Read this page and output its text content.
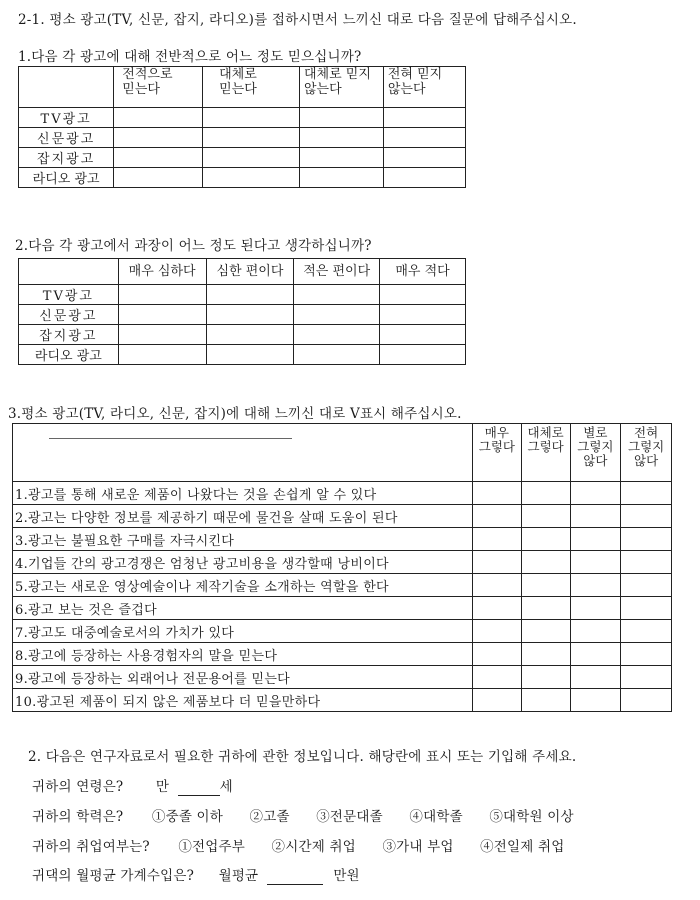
2-1. 평소 광고(TV, 신문, 잡지, 라디오)를 접하시면서 느끼신 대로 다음 질문에 답해주십시오.
1.다음 각 광고에 대해 전반적으로 어느 정도 믿으십니까?
	전적으로
믿는다	대체로
믿는다	대체로 믿지
않는다	전혀 믿지
않는다
TV광고				
신문광고				
잡지광고				
라디오 광고				
2.다음 각 광고에서 과장이 어느 정도 된다고 생각하십니까?
	매우 심하다	심한 편이다	적은 편이다	매우 적다
TV광고				
신문광고				
잡지광고				
라디오 광고				
3.평소 광고(TV, 라디오, 신문, 잡지)에 대해 느끼신 대로 V표시 해주십시오.
	매우
그렇다	대체로
그렇다	별로
그렇지
않다	전혀
그렇지
않다
1.광고를 통해 새로운 제품이 나왔다는 것을 손쉽게 알 수 있다				
2.광고는 다양한 정보를 제공하기 때문에 물건을 살때 도움이 된다				
3.광고는 불필요한 구매를 자극시킨다				
4.기업들 간의 광고경쟁은 엄청난 광고비용을 생각할때 낭비이다				
5.광고는 새로운 영상예술이나 제작기술을 소개하는 역할을 한다				
6.광고 보는 것은 즐겁다				
7.광고도 대중예술로서의 가치가 있다				
8.광고에 등장하는 사용경험자의 말을 믿는다				
9.광고에 등장하는 외래어나 전문용어를 믿는다				
10.광고된 제품이 되지 않은 제품보다 더 믿을만하다				
2. 다음은 연구자료로서 필요한 귀하에 관한 정보입니다. 해당란에 표시 또는 기입해 주세요.
귀하의 연령은? 만	세
귀하의 학력은? ①중졸 이하 ②고졸 ③전문대졸 ④대학졸 ⑤대학원 이상
귀하의 취업여부는? ①전업주부 ②시간제 취업 ③가내 부업 ④전일제 취업
귀댁의 월평균 가계수입은? 월평균	만원
